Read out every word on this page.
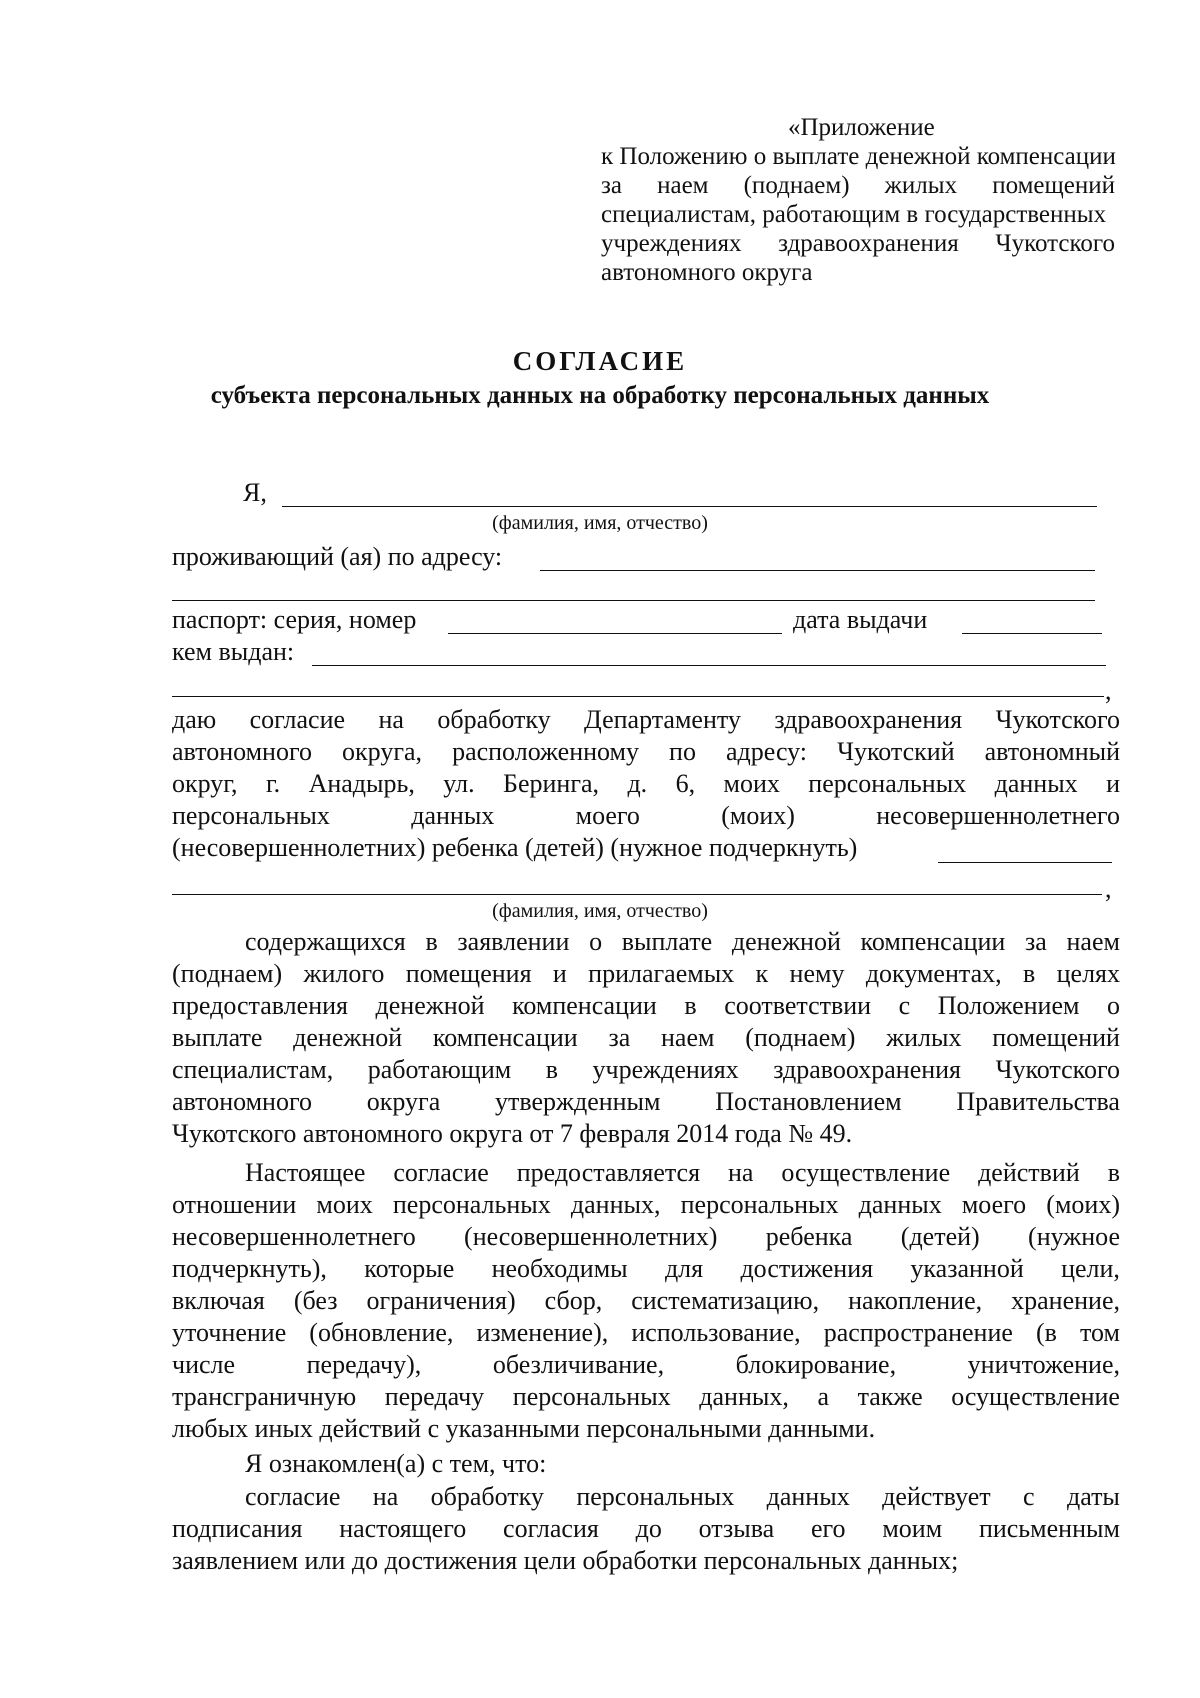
«Приложение
к Положению о выплате денежной компенсации
за наем (поднаем) жилых помещений
специалистам, работающим в государственных
учреждениях здравоохранения Чукотского
автономного округа
СОГЛАСИЕ
субъекта персональных данных на обработку персональных данных
Я,
(фамилия, имя, отчество)
проживающий (ая) по адресу:
паспорт: серия, номер	дата выдачи
кем выдан:
,
даю согласие на обработку Департаменту здравоохранения Чукотского
автономного округа, расположенному по адресу: Чукотский автономный
округ, г. Анадырь, ул. Беринга, д. 6, моих персональных данных и
персональных	данных	моего	(моих)	несовершеннолетнего
(несовершеннолетних) ребенка (детей) (нужное подчеркнуть)
,
(фамилия, имя, отчество)
содержащихся в заявлении о выплате денежной компенсации за наем
(поднаем) жилого помещения и прилагаемых к нему документах, в целях
предоставления денежной компенсации в соответствии с Положением о
выплате денежной компенсации за наем (поднаем) жилых помещений
специалистам, работающим в учреждениях здравоохранения Чукотского
автономного округа утвержденным Постановлением Правительства
Чукотского автономного округа от 7 февраля 2014 года № 49.
Настоящее согласие предоставляется на осуществление действий в
отношении моих персональных данных, персональных данных моего (моих)
несовершеннолетнего (несовершеннолетних) ребенка (детей) (нужное
подчеркнуть), которые необходимы для достижения указанной цели,
включая (без ограничения) сбор, систематизацию, накопление, хранение,
уточнение (обновление, изменение), использование, распространение (в том
числе	передачу),	обезличивание,	блокирование,	уничтожение,
трансграничную передачу персональных данных, а также осуществление
любых иных действий с указанными персональными данными.
Я ознакомлен(а) с тем, что:
согласие на обработку персональных данных действует с даты
подписания настоящего согласия до отзыва его моим письменным
заявлением или до достижения цели обработки персональных данных;
